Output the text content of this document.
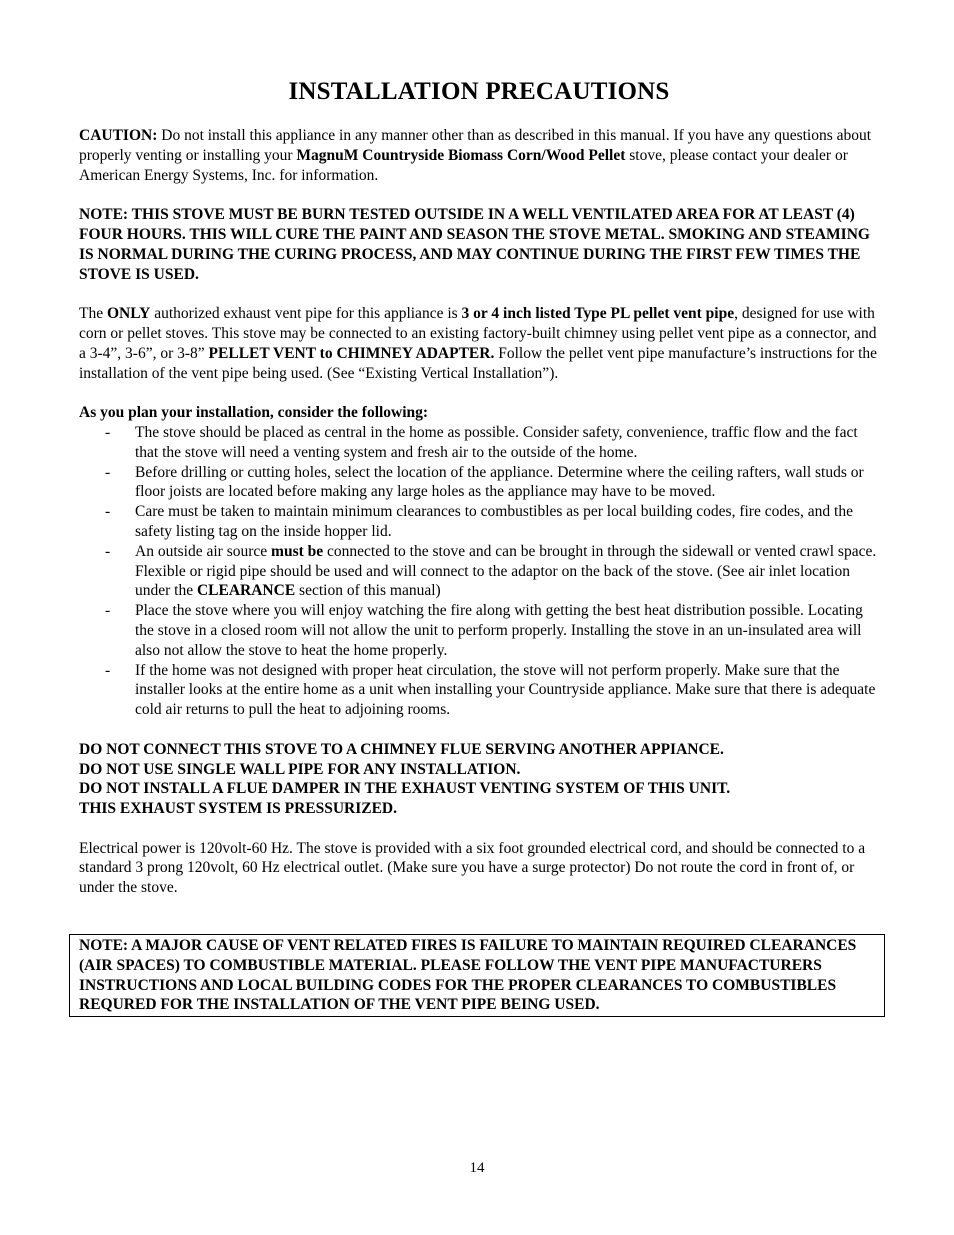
INSTALLATION PRECAUTIONS

CAUTION: Do not install this appliance in any manner other than as described in this manual. If you have any questions about properly venting or installing your MagnuM Countryside Biomass Corn/Wood Pellet stove, please contact your dealer or American Energy Systems, Inc. for information.

NOTE: THIS STOVE MUST BE BURN TESTED OUTSIDE IN A WELL VENTILATED AREA FOR AT LEAST (4) FOUR HOURS. THIS WILL CURE THE PAINT AND SEASON THE STOVE METAL. SMOKING AND STEAMING IS NORMAL DURING THE CURING PROCESS, AND MAY CONTINUE DURING THE FIRST FEW TIMES THE STOVE IS USED.

The ONLY authorized exhaust vent pipe for this appliance is 3 or 4 inch listed Type PL pellet vent pipe, designed for use with corn or pellet stoves. This stove may be connected to an existing factory-built chimney using pellet vent pipe as a connector, and a 3-4”, 3-6”, or 3-8” PELLET VENT to CHIMNEY ADAPTER. Follow the pellet vent pipe manufacture’s instructions for the installation of the vent pipe being used. (See “Existing Vertical Installation”).

As you plan your installation, consider the following:

- The stove should be placed as central in the home as possible. Consider safety, convenience, traffic flow and the fact that the stove will need a venting system and fresh air to the outside of the home.
- Before drilling or cutting holes, select the location of the appliance. Determine where the ceiling rafters, wall studs or floor joists are located before making any large holes as the appliance may have to be moved.
- Care must be taken to maintain minimum clearances to combustibles as per local building codes, fire codes, and the safety listing tag on the inside hopper lid.
- An outside air source must be connected to the stove and can be brought in through the sidewall or vented crawl space. Flexible or rigid pipe should be used and will connect to the adaptor on the back of the stove. (See air inlet location under the CLEARANCE section of this manual)
- Place the stove where you will enjoy watching the fire along with getting the best heat distribution possible. Locating the stove in a closed room will not allow the unit to perform properly. Installing the stove in an un-insulated area will also not allow the stove to heat the home properly.
- If the home was not designed with proper heat circulation, the stove will not perform properly. Make sure that the installer looks at the entire home as a unit when installing your Countryside appliance. Make sure that there is adequate cold air returns to pull the heat to adjoining rooms.

DO NOT CONNECT THIS STOVE TO A CHIMNEY FLUE SERVING ANOTHER APPIANCE.

DO NOT USE SINGLE WALL PIPE FOR ANY INSTALLATION.

DO NOT INSTALL A FLUE DAMPER IN THE EXHAUST VENTING SYSTEM OF THIS UNIT.

THIS EXHAUST SYSTEM IS PRESSURIZED.

Electrical power is 120volt-60 Hz. The stove is provided with a six foot grounded electrical cord, and should be connected to a standard 3 prong 120volt, 60 Hz electrical outlet. (Make sure you have a surge protector) Do not route the cord in front of, or under the stove.

NOTE: A MAJOR CAUSE OF VENT RELATED FIRES IS FAILURE TO MAINTAIN REQUIRED CLEARANCES (AIR SPACES) TO COMBUSTIBLE MATERIAL. PLEASE FOLLOW THE VENT PIPE MANUFACTURERS INSTRUCTIONS AND LOCAL BUILDING CODES FOR THE PROPER CLEARANCES TO COMBUSTIBLES REQURED FOR THE INSTALLATION OF THE VENT PIPE BEING USED.

14
